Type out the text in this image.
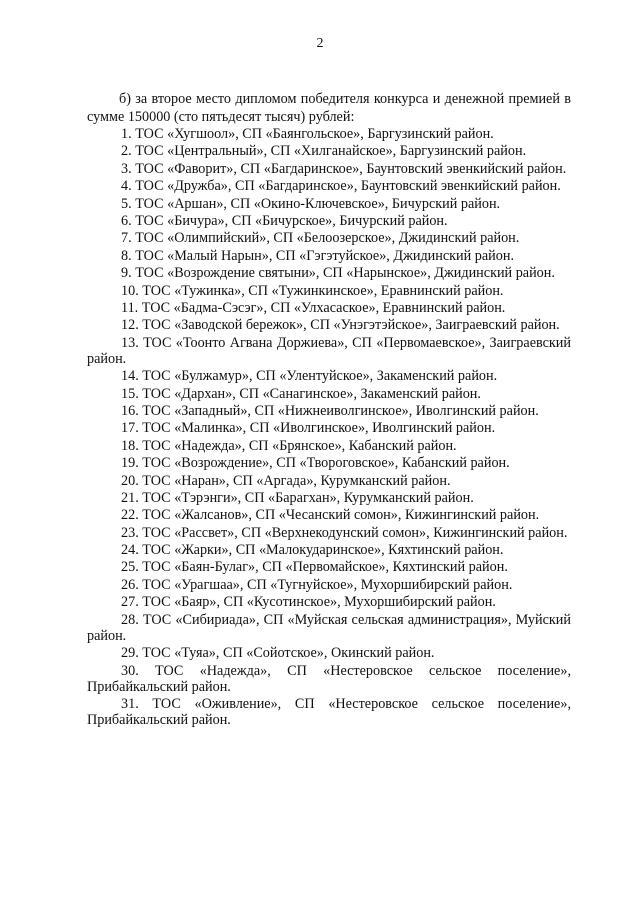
2

б) за второе место дипломом победителя конкурса и денежной премией в сумме 150000 (сто пятьдесят тысяч) рублей:

1. ТОС «Хугшоол», СП «Баянгольское», Баргузинский район.
2. ТОС «Центральный», СП «Хилганайское», Баргузинский район.
3. ТОС «Фаворит», СП «Багдаринское», Баунтовский эвенкийский район.
4. ТОС «Дружба», СП «Багдаринское», Баунтовский эвенкийский район.
5. ТОС «Аршан», СП «Окино-Ключевское», Бичурский район.
6. ТОС «Бичура», СП «Бичурское», Бичурский район.
7. ТОС «Олимпийский», СП «Белоозерское», Джидинский район.
8. ТОС «Малый Нарын», СП «Гэгэтуйское», Джидинский район.
9. ТОС «Возрождение святыни», СП «Нарынское», Джидинский район.
10. ТОС «Тужинка», СП «Тужинкинское», Еравнинский район.
11. ТОС «Бадма-Сэсэг», СП «Улхасаское», Еравнинский район.
12. ТОС «Заводской бережок», СП «Унэгэтэйское», Заиграевский район.
13. ТОС «Тоонто Агвана Доржиева», СП «Первомаевское», Заиграевский район.
14. ТОС «Булжамур», СП «Улентуйское», Закаменский район.
15. ТОС «Дархан», СП «Санагинское», Закаменский район.
16. ТОС «Западный», СП «Нижнеиволгинское», Иволгинский район.
17. ТОС «Малинка», СП «Иволгинское», Иволгинский район.
18. ТОС «Надежда», СП «Брянское», Кабанский район.
19. ТОС «Возрождение», СП «Твороговское», Кабанский район.
20. ТОС «Наран», СП «Аргада», Курумканский район.
21. ТОС «Тэрэнги», СП «Барагхан», Курумканский район.
22. ТОС «Жалсанов», СП «Чесанский сомон», Кижингинский район.
23. ТОС «Рассвет», СП «Верхнекодунский сомон», Кижингинский район.
24. ТОС «Жарки», СП «Малокударинское», Кяхтинский район.
25. ТОС «Баян-Булаг», СП «Первомайское», Кяхтинский район.
26. ТОС «Урагшаа», СП «Тугнуйское», Мухоршибирский район.
27. ТОС «Баяр», СП «Кусотинское», Мухоршибирский район.
28. ТОС «Сибириада», СП «Муйская сельская администрация», Муйский район.
29. ТОС «Туяа», СП «Сойотское», Окинский район.
30. ТОС «Надежда», СП «Нестеровское сельское поселение», Прибайкальский район.
31. ТОС «Оживление», СП «Нестеровское сельское поселение», Прибайкальский район.
